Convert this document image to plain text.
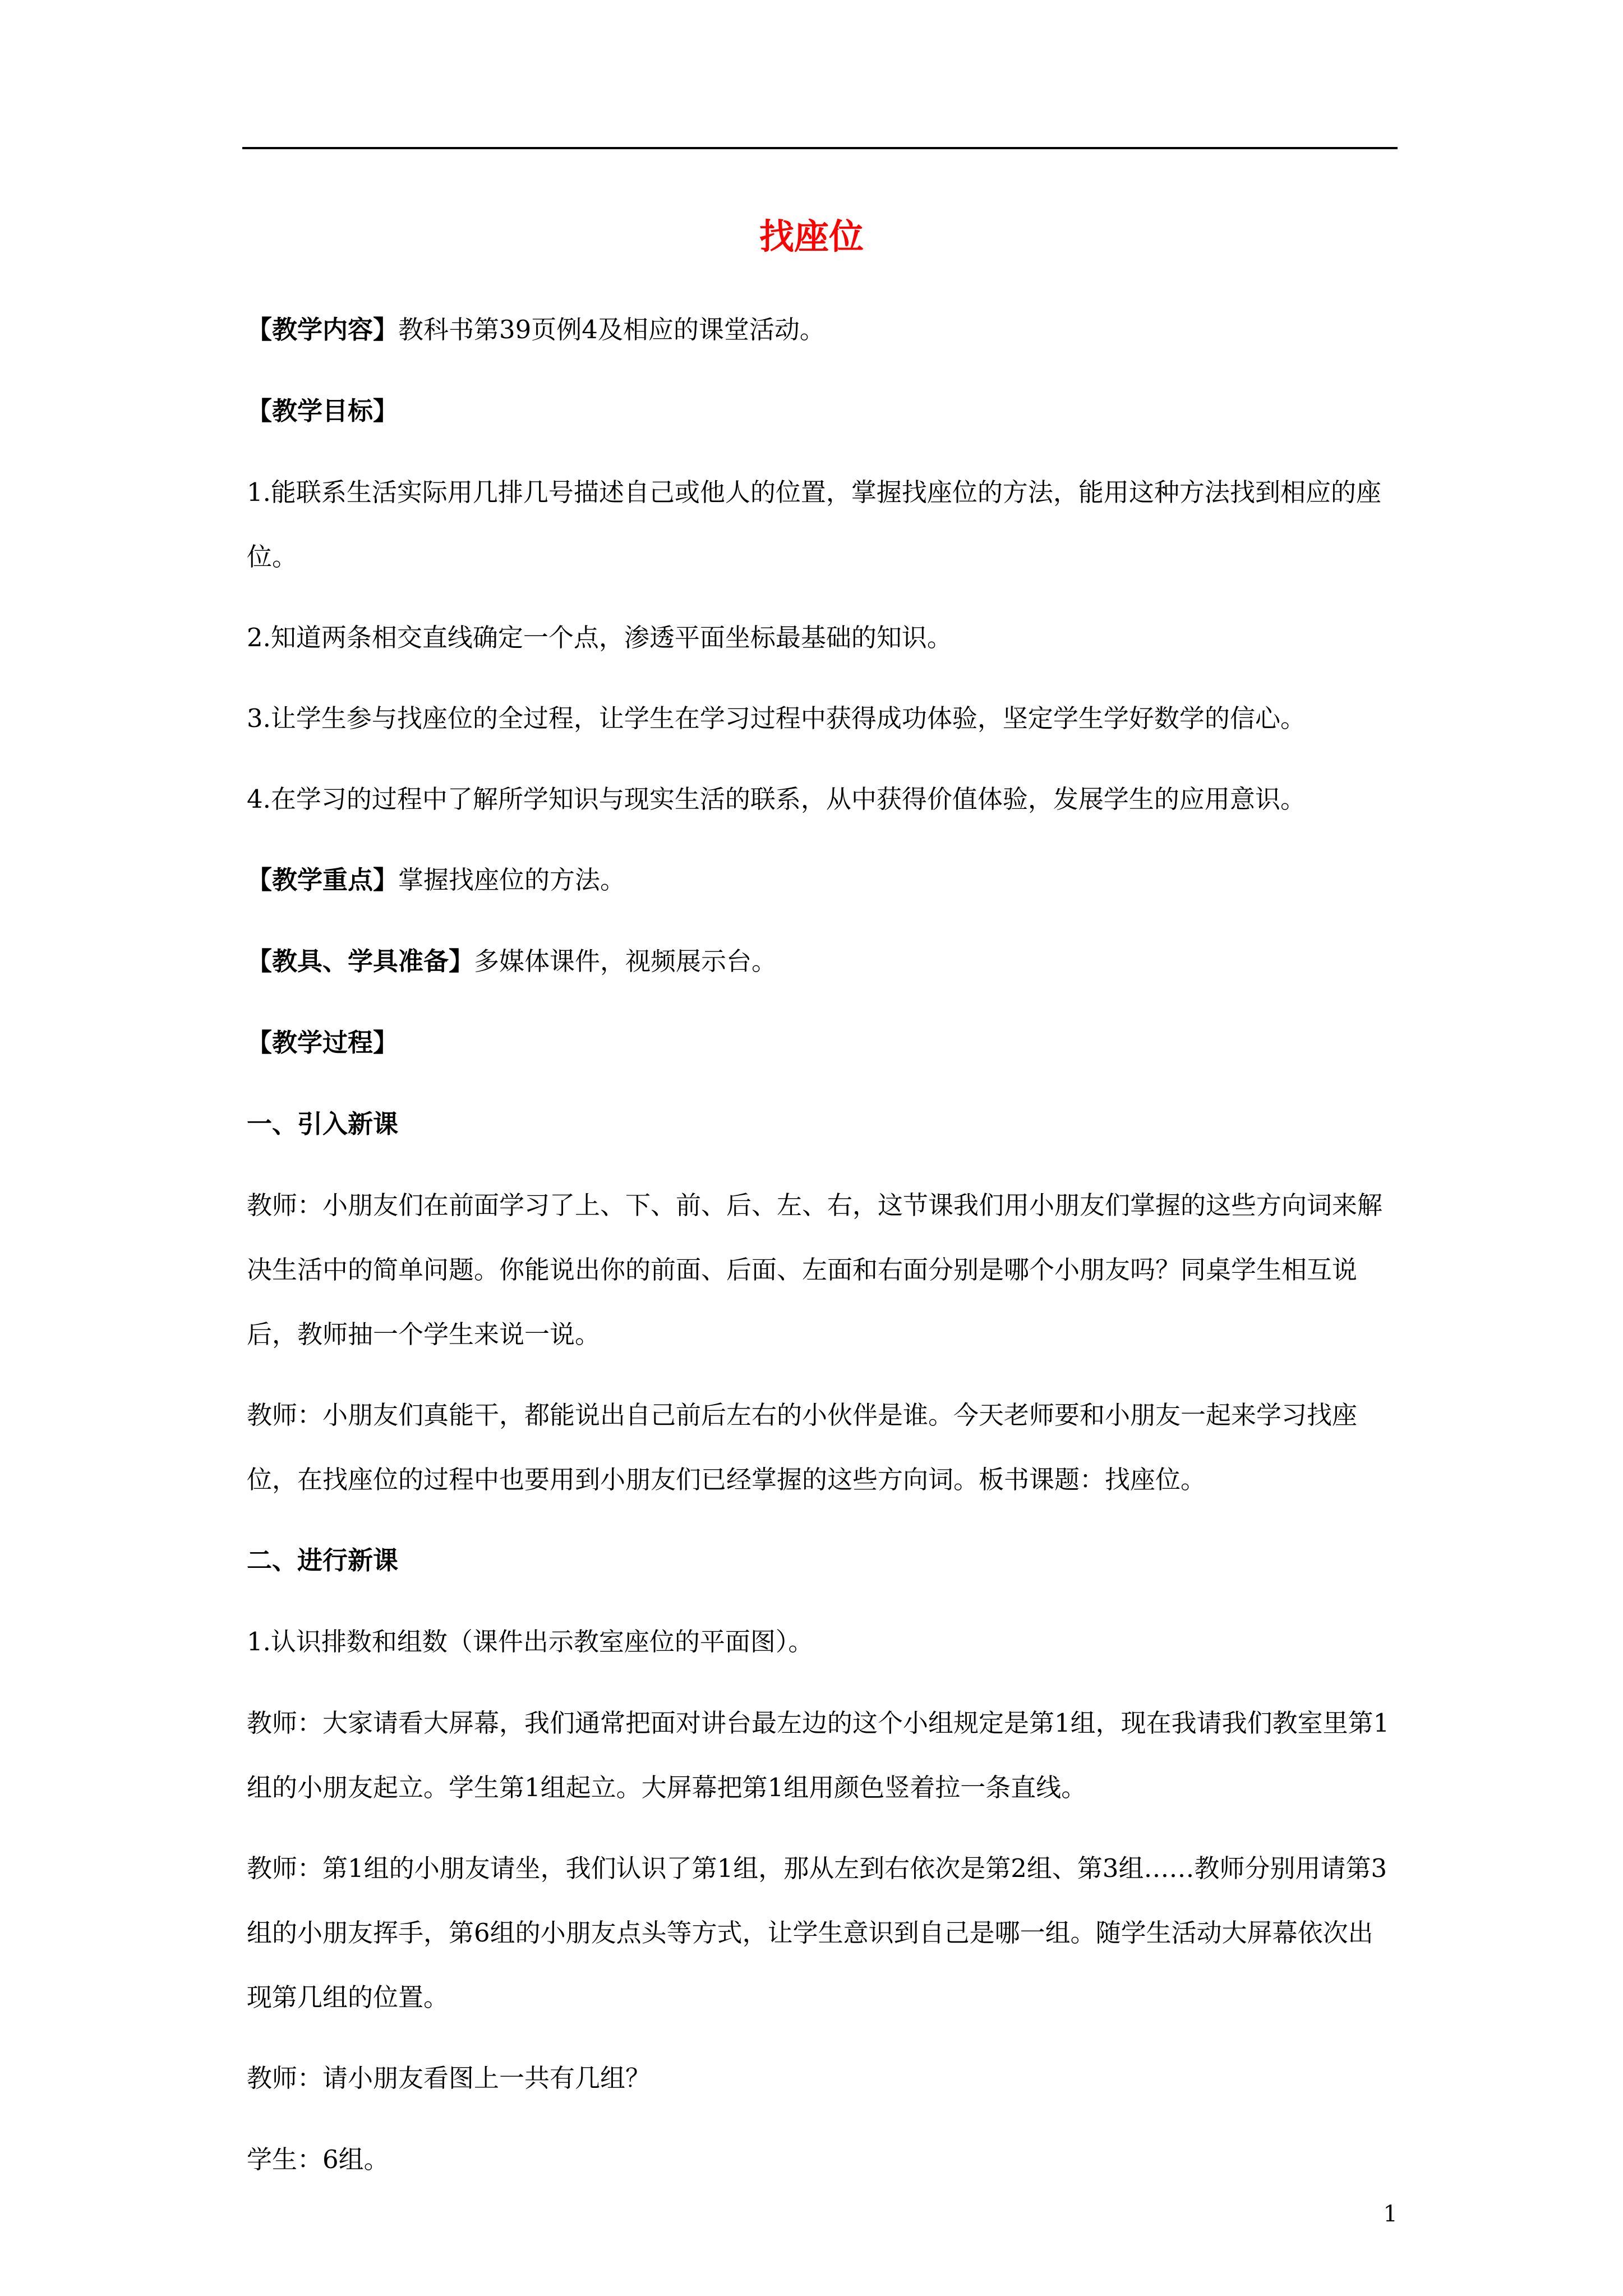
找座位

【教学内容】教科书第39页例4及相应的课堂活动。

【教学目标】

1.能联系生活实际用几排几号描述自己或他人的位置，掌握找座位的方法，能用这种方法找到相应的座位。

2.知道两条相交直线确定一个点，渗透平面坐标最基础的知识。

3.让学生参与找座位的全过程，让学生在学习过程中获得成功体验，坚定学生学好数学的信心。

4.在学习的过程中了解所学知识与现实生活的联系，从中获得价值体验，发展学生的应用意识。

【教学重点】掌握找座位的方法。

【教具、学具准备】多媒体课件，视频展示台。

【教学过程】

一、引入新课

教师：小朋友们在前面学习了上、下、前、后、左、右，这节课我们用小朋友们掌握的这些方向词来解决生活中的简单问题。你能说出你的前面、后面、左面和右面分别是哪个小朋友吗？同桌学生相互说后，教师抽一个学生来说一说。

教师：小朋友们真能干，都能说出自己前后左右的小伙伴是谁。今天老师要和小朋友一起来学习找座位，在找座位的过程中也要用到小朋友们已经掌握的这些方向词。板书课题：找座位。

二、进行新课

1.认识排数和组数（课件出示教室座位的平面图）。

教师：大家请看大屏幕，我们通常把面对讲台最左边的这个小组规定是第1组，现在我请我们教室里第1组的小朋友起立。学生第1组起立。大屏幕把第1组用颜色竖着拉一条直线。

教师：第1组的小朋友请坐，我们认识了第1组，那从左到右依次是第2组、第3组……教师分别用请第3组的小朋友挥手，第6组的小朋友点头等方式，让学生意识到自己是哪一组。随学生活动大屏幕依次出现第几组的位置。

教师：请小朋友看图上一共有几组？

学生：6组。

1
